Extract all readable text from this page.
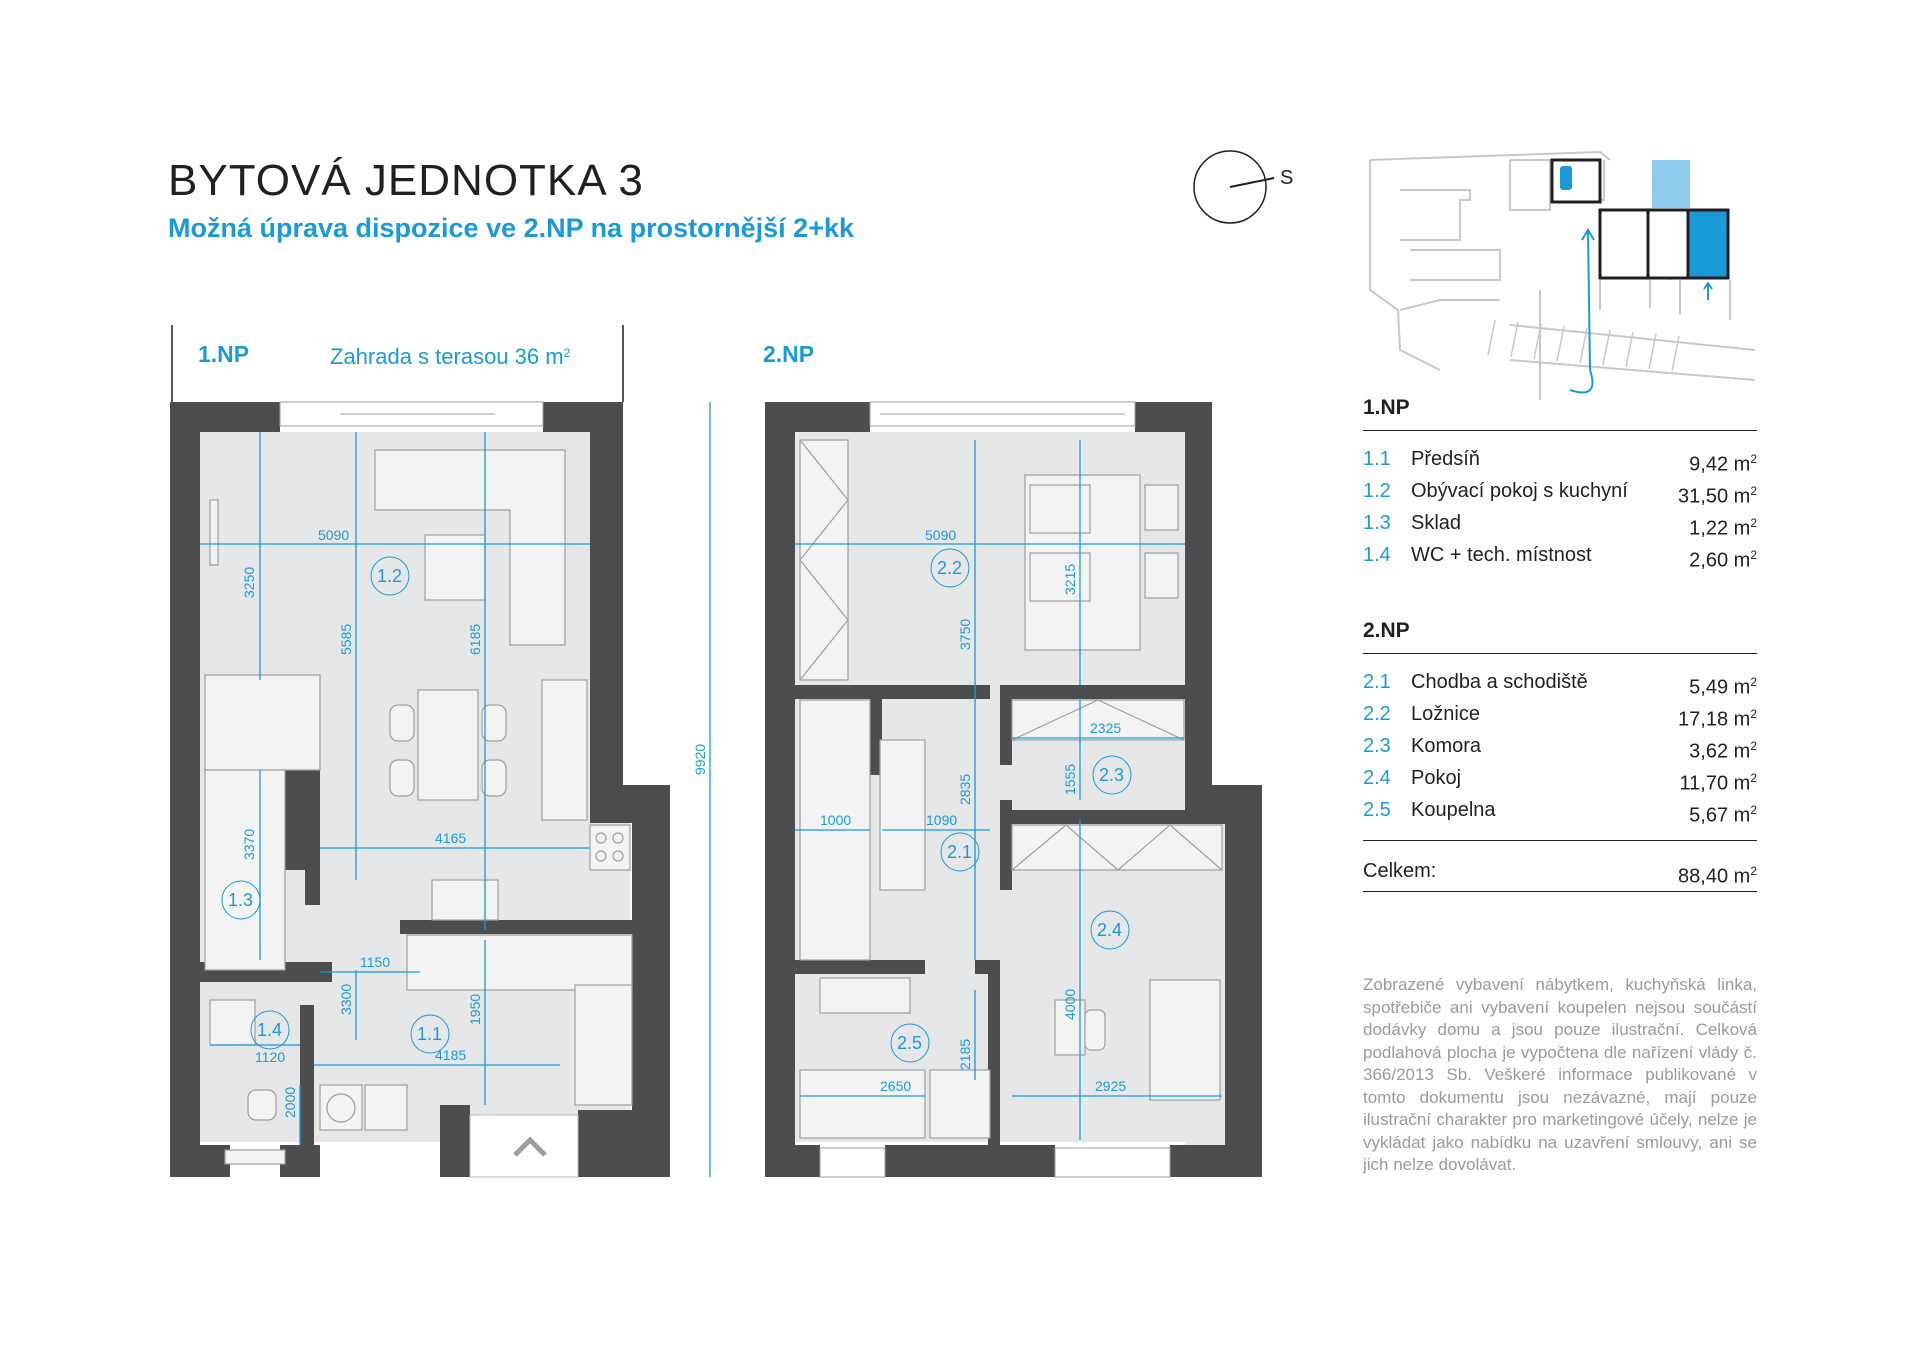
BYTOVÁ JEDNOTKA 3
Možná úprava dispozice ve 2.NP na prostornější 2+kk
S
1.NP	Zahrada s terasou 36 $m^2$
5090
3250
5585	6185
3370	4165
1150
3300	1950
4185
1120
2000
9920
1.2
1.3
1.4	1.1
2.NP
5090
3215
3750
2325
2835	1555
1000	1090
4000
2185
2650	2925
2.1
2.2
2.3
2.4
2.5
1.NP
1.1	Předsíň	9,42 $m^2$
1.2	Obývací pokoj s kuchyní	31,50 $m^2$
1.3	Sklad	1,22 $m^2$
1.4	WC + tech. místnost	2,60 $m^2$
2.NP
2.1	Chodba a schodiště	5,49 $m^2$
2.2	Ložnice	17,18 $m^2$
2.3	Komora	3,62 $m^2$
2.4	Pokoj	11,70 $m^2$
2.5	Koupelna	5,67 $m^2$
Celkem:	88,40 $m^2$

Zobrazené vybavení nábytkem, kuchyňská linka, spotřebiče ani vybavení koupelen nejsou součástí dodávky domu a jsou pouze ilustrační. Celková podlahová plocha je vypočtena dle nařízení vlády č. 366/2013 Sb. Veškeré informace publikované v tomto dokumentu jsou nezávazné, mají pouze ilustrační charakter pro marketingové účely, nelze je vykládat jako nabídku na uzavření smlouvy, ani se jich nelze dovolávat.
